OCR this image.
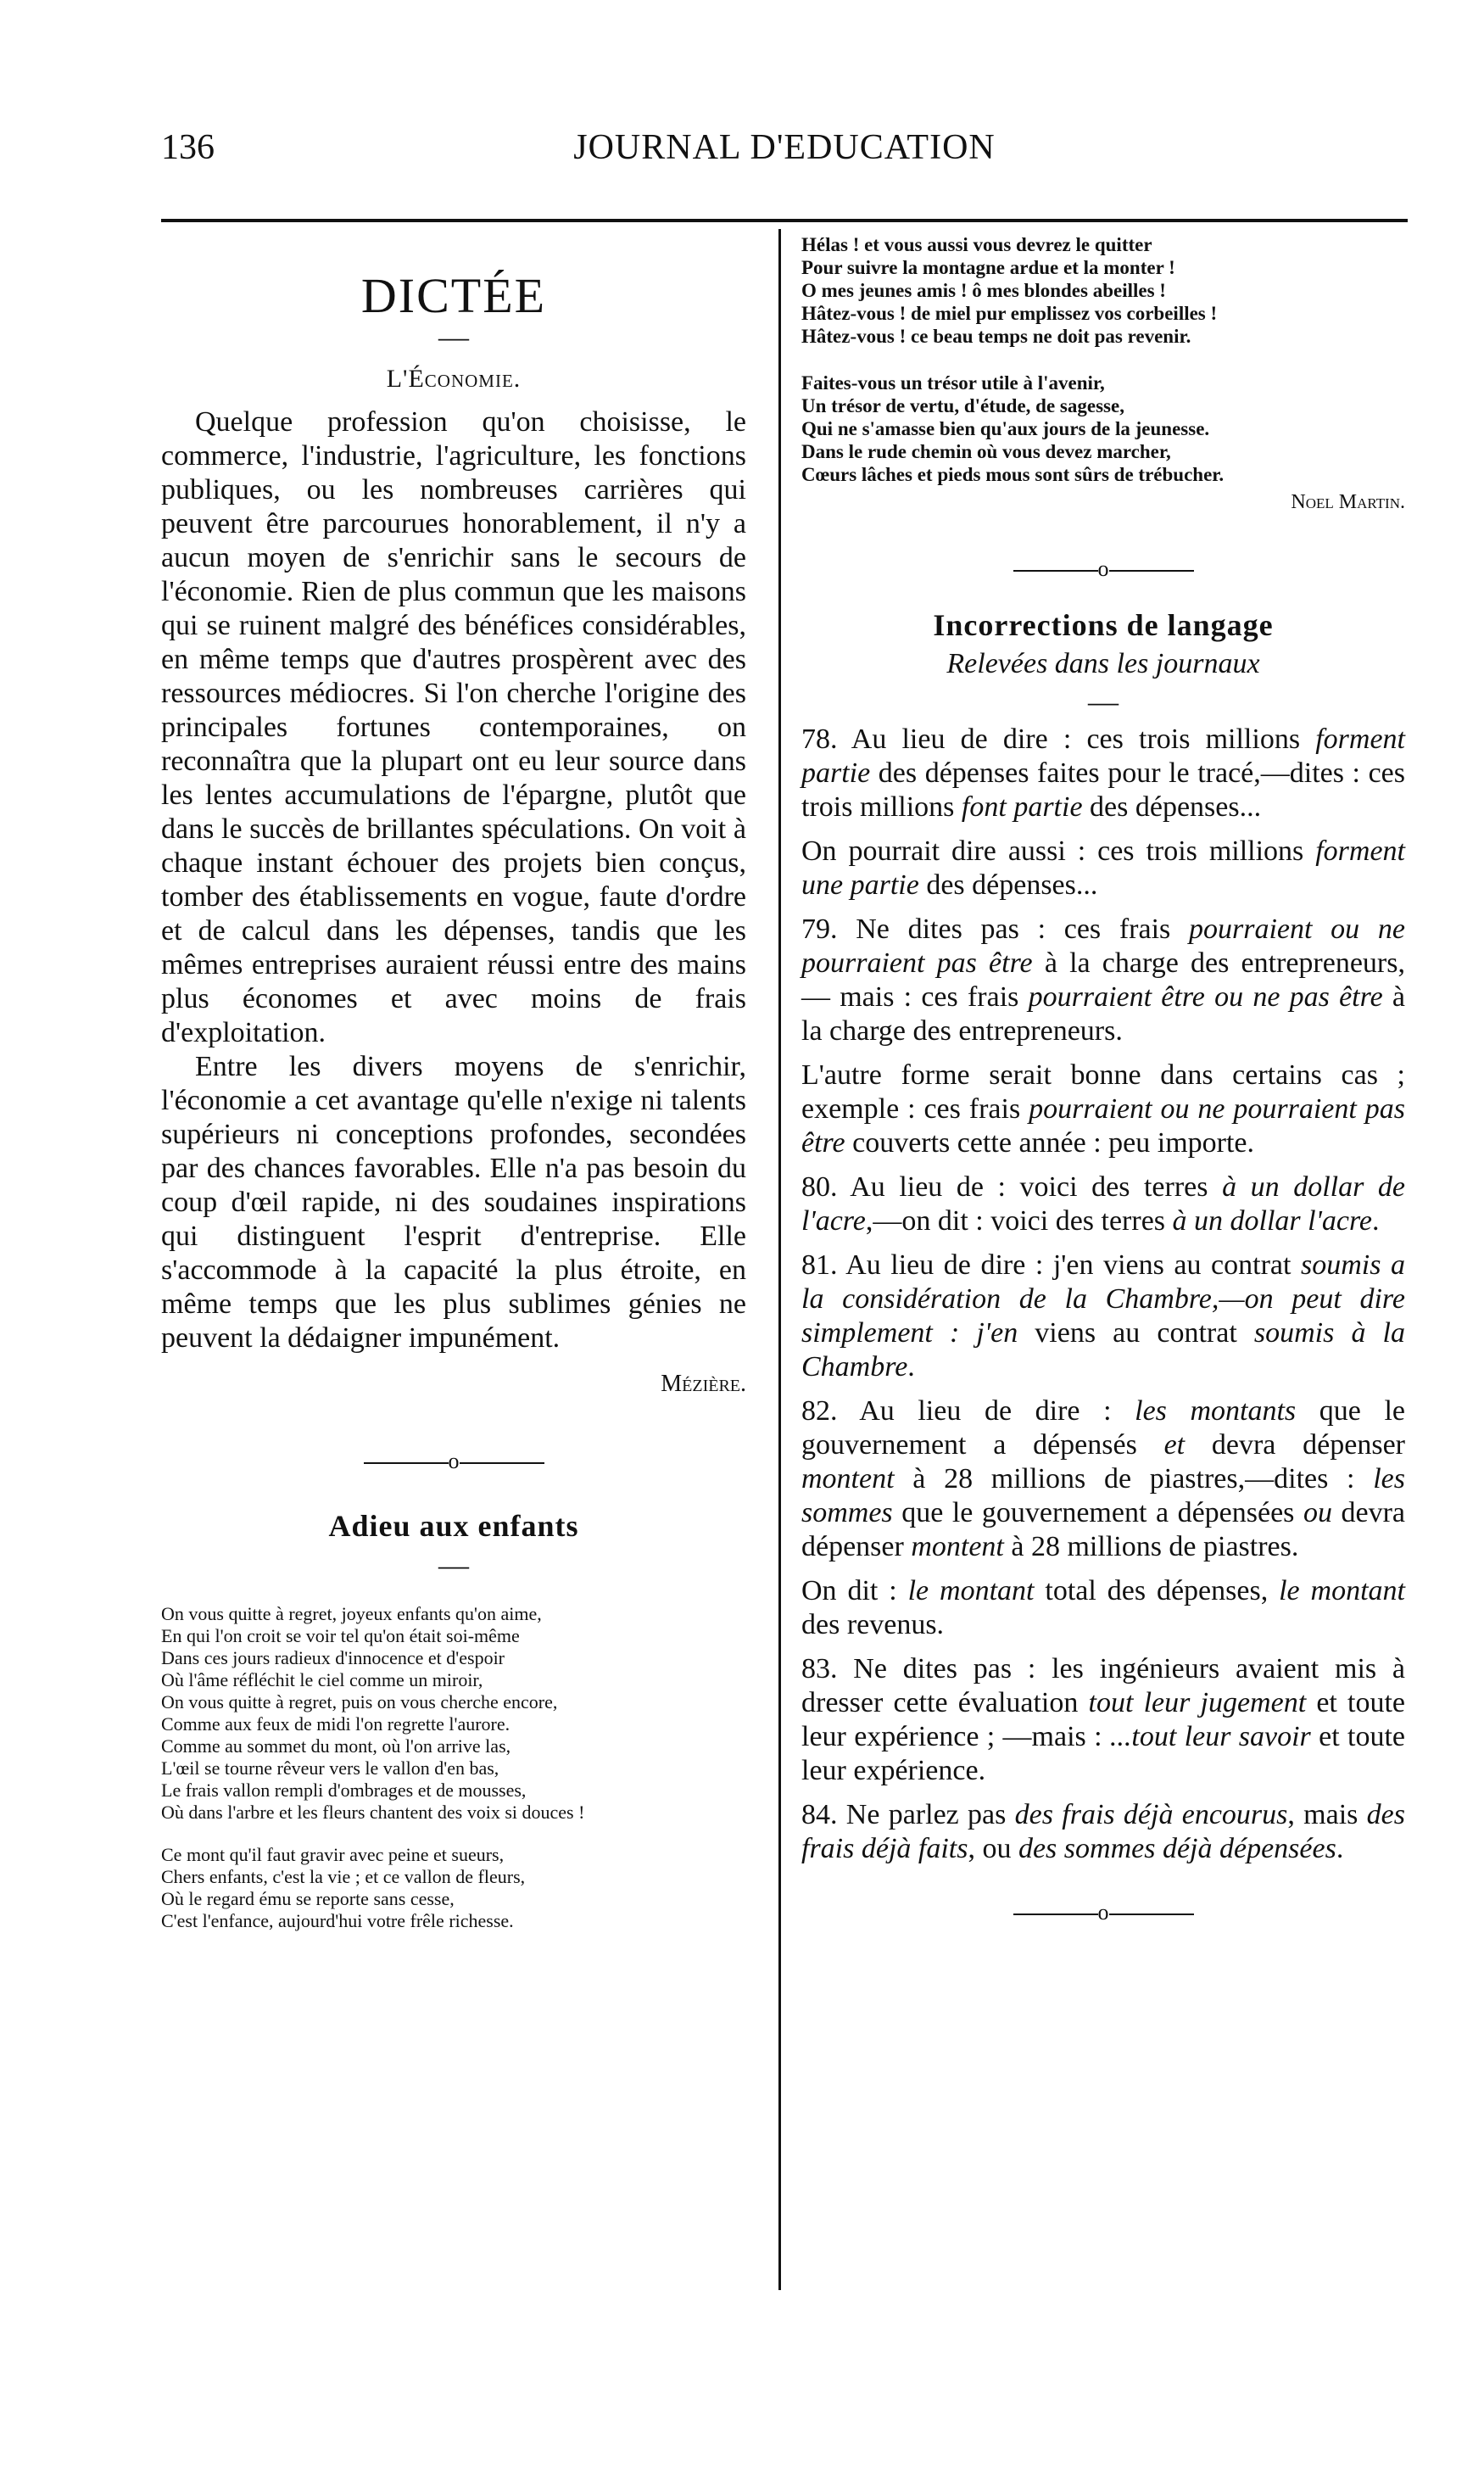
136	JOURNAL D'EDUCATION
DICTÉE
—
L'Économie.

Quelque profession qu'on choisisse, le commerce, l'industrie, l'agriculture, les fonctions publiques, ou les nombreuses carrières qui peuvent être parcourues honorablement, il n'y a aucun moyen de s'enrichir sans le secours de l'économie. Rien de plus commun que les maisons qui se ruinent malgré des bénéfices considérables, en même temps que d'autres prospèrent avec des ressources médiocres. Si l'on cherche l'origine des principales fortunes contemporaines, on reconnaîtra que la plupart ont eu leur source dans les lentes accumulations de l'épargne, plutôt que dans le succès de brillantes spéculations. On voit à chaque instant échouer des projets bien conçus, tomber des établissements en vogue, faute d'ordre et de calcul dans les dépenses, tandis que les mêmes entreprises auraient réussi entre des mains plus économes et avec moins de frais d'exploitation.

Entre les divers moyens de s'enrichir, l'économie a cet avantage qu'elle n'exige ni talents supérieurs ni conceptions profondes, secondées par des chances favorables. Elle n'a pas besoin du coup d'œil rapide, ni des soudaines inspirations qui distinguent l'esprit d'entreprise. Elle s'accommode à la capacité la plus étroite, en même temps que les plus sublimes génies ne peuvent la dédaigner impunément.

Mézière.
o
Adieu aux enfants
—
On vous quitte à regret, joyeux enfants qu'on aime,
En qui l'on croit se voir tel qu'on était soi-même
Dans ces jours radieux d'innocence et d'espoir
Où l'âme réfléchit le ciel comme un miroir,
On vous quitte à regret, puis on vous cherche encore,
Comme aux feux de midi l'on regrette l'aurore.
Comme au sommet du mont, où l'on arrive las,
L'œil se tourne rêveur vers le vallon d'en bas,
Le frais vallon rempli d'ombrages et de mousses,
Où dans l'arbre et les fleurs chantent des voix si douces !
Ce mont qu'il faut gravir avec peine et sueurs,
Chers enfants, c'est la vie ; et ce vallon de fleurs,
Où le regard ému se reporte sans cesse,
C'est l'enfance, aujourd'hui votre frêle richesse.
Hélas ! et vous aussi vous devrez le quitter
Pour suivre la montagne ardue et la monter !
O mes jeunes amis ! ô mes blondes abeilles !
Hâtez-vous ! de miel pur emplissez vos corbeilles !
Hâtez-vous ! ce beau temps ne doit pas revenir.
Faites-vous un trésor utile à l'avenir,
Un trésor de vertu, d'étude, de sagesse,
Qui ne s'amasse bien qu'aux jours de la jeunesse.
Dans le rude chemin où vous devez marcher,
Cœurs lâches et pieds mous sont sûrs de trébucher.
Noel Martin.
o
Incorrections de langage
Relevées dans les journaux
—

78. Au lieu de dire : ces trois millions forment partie des dépenses faites pour le tracé,—dites : ces trois millions font partie des dépenses...

On pourrait dire aussi : ces trois millions forment une partie des dépenses...

79. Ne dites pas : ces frais pourraient ou ne pourraient pas être à la charge des entrepreneurs, — mais : ces frais pourraient être ou ne pas être à la charge des entrepreneurs.

L'autre forme serait bonne dans certains cas ; exemple : ces frais pourraient ou ne pourraient pas être couverts cette année : peu importe.

80. Au lieu de : voici des terres à un dollar de l'acre,—on dit : voici des terres à un dollar l'acre.

81. Au lieu de dire : j'en viens au contrat soumis a la considération de la Chambre,—on peut dire simplement : j'en viens au contrat soumis à la Chambre.

82. Au lieu de dire : les montants que le gouvernement a dépensés et devra dépenser montent à 28 millions de piastres,—dites : les sommes que le gouvernement a dépensées ou devra dépenser montent à 28 millions de piastres.

On dit : le montant total des dépenses, le montant des revenus.

83. Ne dites pas : les ingénieurs avaient mis à dresser cette évaluation tout leur jugement et toute leur expérience ; —mais : ...tout leur savoir et toute leur expérience.

84. Ne parlez pas des frais déjà encourus, mais des frais déjà faits, ou des sommes déjà dépensées.

o
